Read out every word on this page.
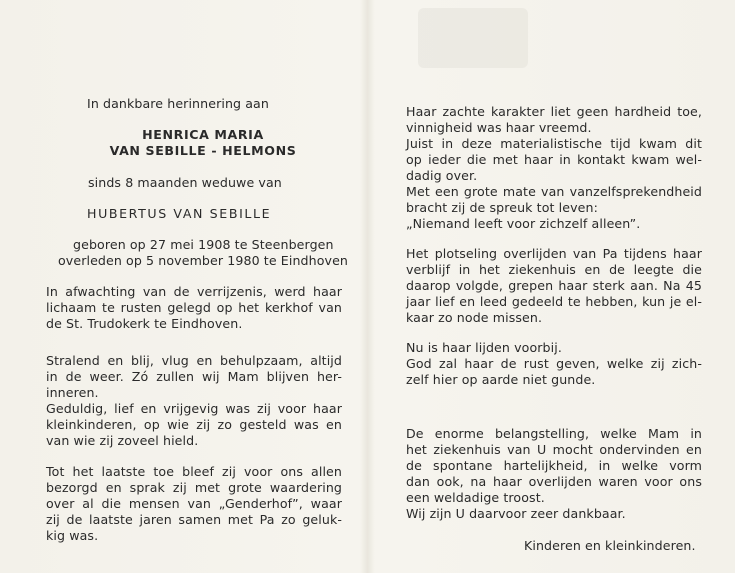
In dankbare herinnering aan
HENRICA MARIA
VAN SEBILLE - HELMONS
sinds 8 maanden weduwe van
HUBERTUS VAN SEBILLE
geboren op 27 mei 1908 te Steenbergen
overleden op 5 november 1980 te Eindhoven
In afwachting van de verrijzenis, werd haar
lichaam te rusten gelegd op het kerkhof van
de St. Trudokerk te Eindhoven.
Stralend en blij, vlug en behulpzaam, altijd
in de weer. Zó zullen wij Mam blijven her-
inneren.
Geduldig, lief en vrijgevig was zij voor haar
kleinkinderen, op wie zij zo gesteld was en
van wie zij zoveel hield.
Tot het laatste toe bleef zij voor ons allen
bezorgd en sprak zij met grote waardering
over al die mensen van „Genderhof”, waar
zij de laatste jaren samen met Pa zo geluk-
kig was.
Haar zachte karakter liet geen hardheid toe,
vinnigheid was haar vreemd.
Juist in deze materialistische tijd kwam dit
op ieder die met haar in kontakt kwam wel-
dadig over.
Met een grote mate van vanzelfsprekendheid
bracht zij de spreuk tot leven:
„Niemand leeft voor zichzelf alleen”.
Het plotseling overlijden van Pa tijdens haar
verblijf in het ziekenhuis en de leegte die
daarop volgde, grepen haar sterk aan. Na 45
jaar lief en leed gedeeld te hebben, kun je el-
kaar zo node missen.
Nu is haar lijden voorbij.
God zal haar de rust geven, welke zij zich-
zelf hier op aarde niet gunde.
De enorme belangstelling, welke Mam in
het ziekenhuis van U mocht ondervinden en
de spontane hartelijkheid, in welke vorm
dan ook, na haar overlijden waren voor ons
een weldadige troost.
Wij zijn U daarvoor zeer dankbaar.
Kinderen en kleinkinderen.
